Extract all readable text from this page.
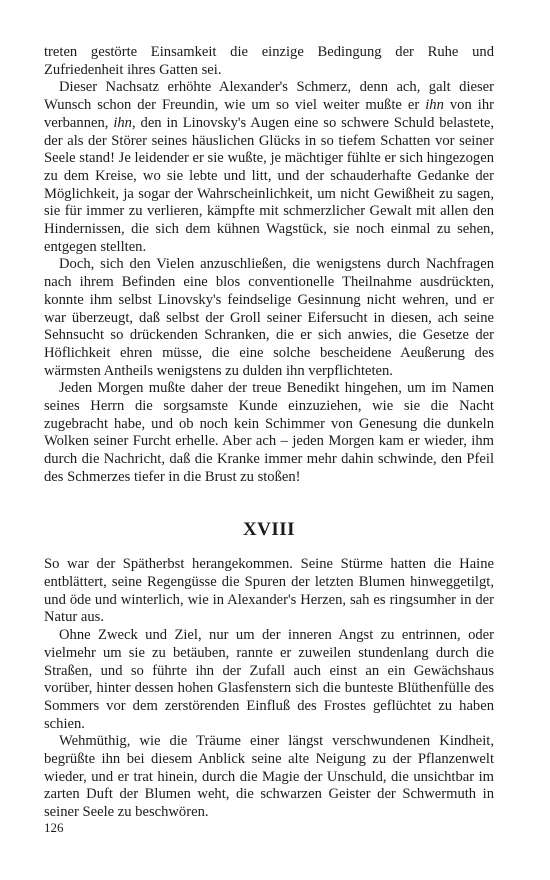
treten gestörte Einsamkeit die einzige Bedingung der Ruhe und Zufriedenheit ihres Gatten sei.

Dieser Nachsatz erhöhte Alexander's Schmerz, denn ach, galt dieser Wunsch schon der Freundin, wie um so viel weiter mußte er ihn von ihr verbannen, ihn, den in Linovsky's Augen eine so schwere Schuld belastete, der als der Störer seines häuslichen Glücks in so tiefem Schatten vor seiner Seele stand! Je leidender er sie wußte, je mächtiger fühlte er sich hingezogen zu dem Kreise, wo sie lebte und litt, und der schauderhafte Gedanke der Möglichkeit, ja sogar der Wahrscheinlichkeit, um nicht Gewißheit zu sagen, sie für immer zu verlieren, kämpfte mit schmerzlicher Gewalt mit allen den Hindernissen, die sich dem kühnen Wagstück, sie noch einmal zu sehen, entgegen stellten.

Doch, sich den Vielen anzuschließen, die wenigstens durch Nachfragen nach ihrem Befinden eine blos conventionelle Theilnahme ausdrückten, konnte ihm selbst Linovsky's feindselige Gesinnung nicht wehren, und er war überzeugt, daß selbst der Groll seiner Eifersucht in diesen, ach seine Sehnsucht so drückenden Schranken, die er sich anwies, die Gesetze der Höflichkeit ehren müsse, die eine solche bescheidene Aeußerung des wärmsten Antheils wenigstens zu dulden ihn verpflichteten.

Jeden Morgen mußte daher der treue Benedikt hingehen, um im Namen seines Herrn die sorgsamste Kunde einzuziehen, wie sie die Nacht zugebracht habe, und ob noch kein Schimmer von Genesung die dunkeln Wolken seiner Furcht erhelle. Aber ach – jeden Morgen kam er wieder, ihm durch die Nachricht, daß die Kranke immer mehr dahin schwinde, den Pfeil des Schmerzes tiefer in die Brust zu stoßen!

XVIII

So war der Spätherbst herangekommen. Seine Stürme hatten die Haine entblättert, seine Regengüsse die Spuren der letzten Blumen hinweggetilgt, und öde und winterlich, wie in Alexander's Herzen, sah es ringsumher in der Natur aus.

Ohne Zweck und Ziel, nur um der inneren Angst zu entrinnen, oder vielmehr um sie zu betäuben, rannte er zuweilen stundenlang durch die Straßen, und so führte ihn der Zufall auch einst an ein Gewächshaus vorüber, hinter dessen hohen Glasfenstern sich die bunteste Blüthenfülle des Sommers vor dem zerstörenden Einfluß des Frostes geflüchtet zu haben schien.

Wehmüthig, wie die Träume einer längst verschwundenen Kindheit, begrüßte ihn bei diesem Anblick seine alte Neigung zu der Pflanzenwelt wieder, und er trat hinein, durch die Magie der Unschuld, die unsichtbar im zarten Duft der Blumen weht, die schwarzen Geister der Schwermuth in seiner Seele zu beschwören.

126
